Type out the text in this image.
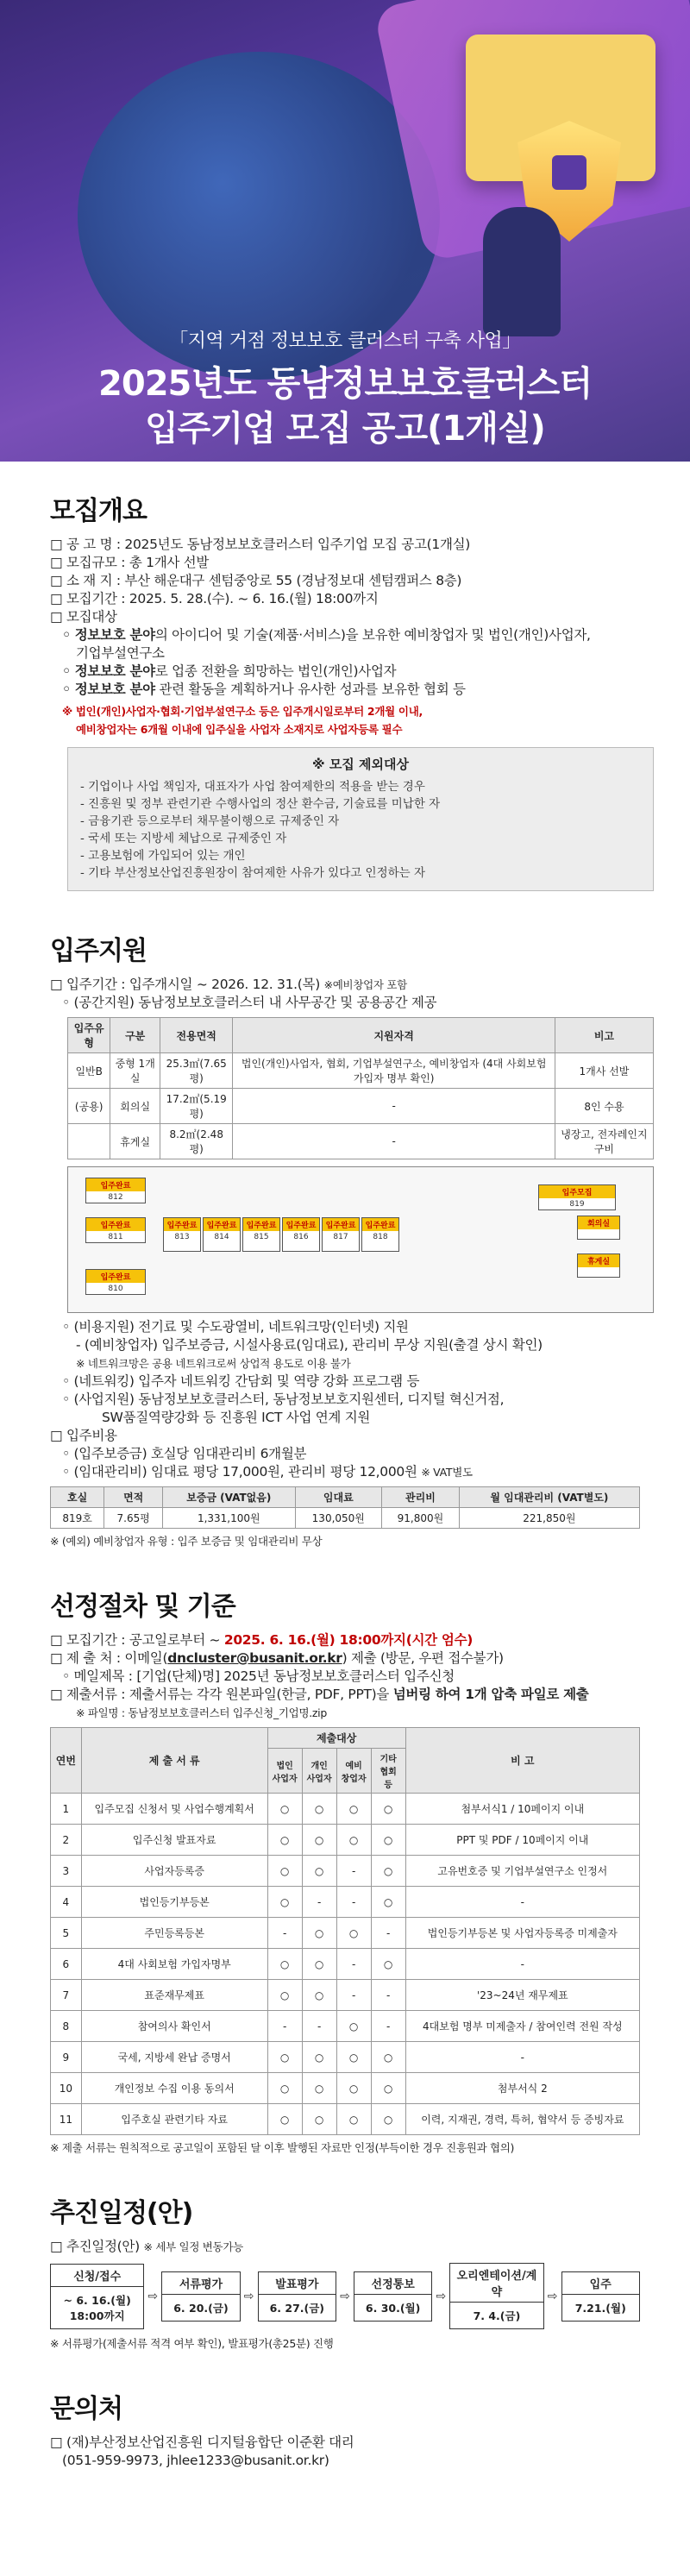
「지역 거점 정보보호 클러스터 구축 사업」
2025년도 동남정보보호클러스터
입주기업 모집 공고(1개실)
모집개요
□ 공 고 명 : 2025년도 동남정보보호클러스터 입주기업 모집 공고(1개실)
□ 모집규모 : 총 1개사 선발
□ 소 재 지 : 부산 해운대구 센텀중앙로 55 (경남정보대 센텀캠퍼스 8층)
□ 모집기간 : 2025. 5. 28.(수). ~ 6. 16.(월) 18:00까지
□ 모집대상
◦ 정보보호 분야의 아이디어 및 기술(제품·서비스)을 보유한 예비창업자 및 법인(개인)사업자,
기업부설연구소
◦ 정보보호 분야로 업종 전환을 희망하는 법인(개인)사업자
◦ 정보보호 분야 관련 활동을 계획하거나 유사한 성과를 보유한 협회 등
※ 법인(개인)사업자·협회·기업부설연구소 등은 입주개시일로부터 2개월 이내,
예비창업자는 6개월 이내에 입주실을 사업자 소재지로 사업자등록 필수
※ 모집 제외대상
- 기업이나 사업 책임자, 대표자가 사업 참여제한의 적용을 받는 경우
- 진흥원 및 정부 관련기관 수행사업의 정산 환수금, 기술료를 미납한 자
- 금융기관 등으로부터 채무불이행으로 규제중인 자
- 국세 또는 지방세 체납으로 규제중인 자
- 고용보험에 가입되어 있는 개인
- 기타 부산정보산업진흥원장이 참여제한 사유가 있다고 인정하는 자
입주지원
□ 입주기간 : 입주개시일 ~ 2026. 12. 31.(목) ※예비창업자 포함
◦ (공간지원) 동남정보보호클러스터 내 사무공간 및 공용공간 제공
입주유형	구분	전용면적	지원자격	비고
일반B	중형 1개실	25.3㎡(7.65평)	법인(개인)사업자, 협회, 기업부설연구소, 예비창업자 (4대 사회보험 가입자 명부 확인)	1개사 선발
(공용)	회의실	17.2㎡(5.19평)	-	8인 수용
	휴게실	8.2㎡(2.48평)	-	냉장고, 전자레인지 구비
입주완료
812
입주완료
811
입주완료
810
입주완료
813
입주완료
814
입주완료
815
입주완료
816
입주완료
817
입주완료
818
입주모집
819
회의실
휴게실
◦ (비용지원) 전기료 및 수도광열비, 네트워크망(인터넷) 지원
- (예비창업자) 입주보증금, 시설사용료(임대료), 관리비 무상 지원(출결 상시 확인)
※ 네트워크망은 공용 네트워크로써 상업적 용도로 이용 불가
◦ (네트워킹) 입주자 네트워킹 간담회 및 역량 강화 프로그램 등
◦ (사업지원) 동남정보보호클러스터, 동남정보보호지원센터, 디지털 혁신거점,
SW품질역량강화 등 진흥원 ICT 사업 연계 지원
□ 입주비용
◦ (입주보증금) 호실당 임대관리비 6개월분
◦ (임대관리비) 임대료 평당 17,000원, 관리비 평당 12,000원 ※ VAT별도
호실	면적	보증금 (VAT없음)	임대료	관리비	월 임대관리비 (VAT별도)
819호	7.65평	1,331,100원	130,050원	91,800원	221,850원
※ (예외) 예비창업자 유형 : 입주 보증금 및 임대관리비 무상
선정절차 및 기준
□ 모집기간 : 공고일로부터 ~ 2025. 6. 16.(월) 18:00까지(시간 엄수)
□ 제 출 처 : 이메일(dncluster@busanit.or.kr) 제출 (방문, 우편 접수불가)
◦ 메일제목 : [기업(단체)명] 2025년 동남정보보호클러스터 입주신청
□ 제출서류 : 제출서류는 각각 원본파일(한글, PDF, PPT)을 넘버링 하여 1개 압축 파일로 제출
※ 파일명 : 동남정보보호클러스터 입주신청_기업명.zip
연번	제 출 서 류	제출대상				비 고
		법인 사업자	개인 사업자	예비 창업자	기타 협회 등	
1	입주모집 신청서 및 사업수행계획서	○	○	○	○	첨부서식1 / 10페이지 이내
2	입주신청 발표자료	○	○	○	○	PPT 및 PDF / 10페이지 이내
3	사업자등록증	○	○	-	○	고유번호증 및 기업부설연구소 인정서
4	법인등기부등본	○	-	-	○	-
5	주민등록등본	-	○	○	-	법인등기부등본 및 사업자등록증 미제출자
6	4대 사회보험 가입자명부	○	○	-	○	-
7	표준재무제표	○	○	-	-	'23~24년 재무제표
8	참여의사 확인서	-	-	○	-	4대보험 명부 미제출자 / 참여인력 전원 작성
9	국세, 지방세 완납 증명서	○	○	○	○	-
10	개인정보 수집 이용 동의서	○	○	○	○	첨부서식 2
11	입주호실 관련기타 자료	○	○	○	○	이력, 지재권, 경력, 특허, 협약서 등 증빙자료
※ 제출 서류는 원칙적으로 공고일이 포함된 달 이후 발행된 자료만 인정(부득이한 경우 진흥원과 협의)
추진일정(안)
□ 추진일정(안) ※ 세부 일정 변동가능
신청/접수
~ 6. 16.(월) 18:00까지
⇨
서류평가
6. 20.(금)
⇨
발표평가
6. 27.(금)
⇨
선정통보
6. 30.(월)
⇨
오리엔테이션/계약
7. 4.(금)
⇨
입주
7.21.(월)
※ 서류평가(제출서류 적격 여부 확인), 발표평가(총25분) 진행
문의처
□ (재)부산정보산업진흥원 디지털융합단 이준환 대리
(051-959-9973, jhlee1233@busanit.or.kr)
